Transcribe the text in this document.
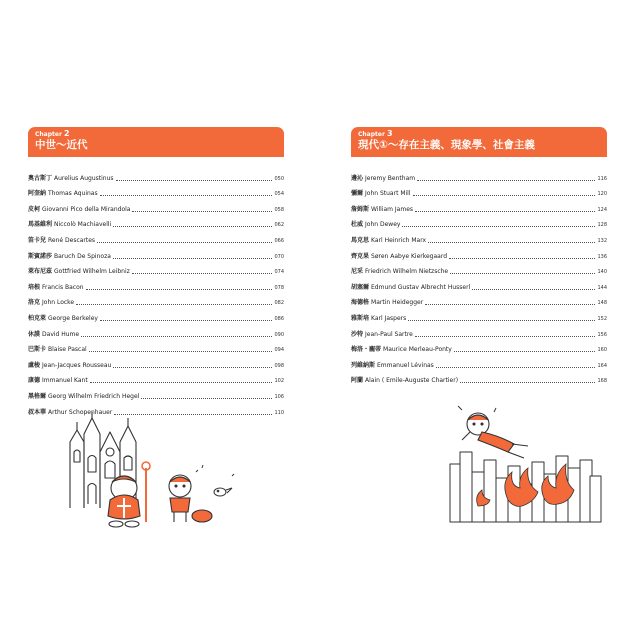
Chapter 2
中世～近代
奧古斯丁 Aurelius Augustinus	050
阿奎納 Thomas Aquinas	054
皮柯 Giovanni Pico della Mirandola	058
馬基維利 Niccolò Machiavelli	062
笛卡兒 René Descartes	066
斯賓諾莎 Baruch De Spinoza	070
萊布尼茲 Gottfried Wilhelm Leibniz	074
培根 Francis Bacon	078
洛克 John Locke	082
柏克萊 George Berkeley	086
休謨 David Hume	090
巴斯卡 Blaise Pascal	094
盧梭 Jean-Jacques Rousseau	098
康德 Immanuel Kant	102
黑格爾 Georg Wilhelm Friedrich Hegel	106
叔本華 Arthur Schopenhauer	110
Chapter 3
現代①～存在主義、現象學、社會主義
邊沁 Jeremy Bentham	116
彌爾 John Stuart Mill	120
詹姆斯 William James	124
杜威 John Dewey	128
馬克思 Karl Heinrich Marx	132
齊克果 Søren Aabye Kierkegaard	136
尼采 Friedrich Wilhelm Nietzsche	140
胡塞爾 Edmund Gustav Albrecht Husserl	144
海德格 Martin Heidegger	148
雅斯培 Karl Jaspers	152
沙特 Jean-Paul Sartre	156
梅洛・龐蒂 Maurice Merleau-Ponty	160
列維納斯 Emmanuel Lévinas	164
阿蘭 Alain ( Emile-Auguste Chartier)	168
